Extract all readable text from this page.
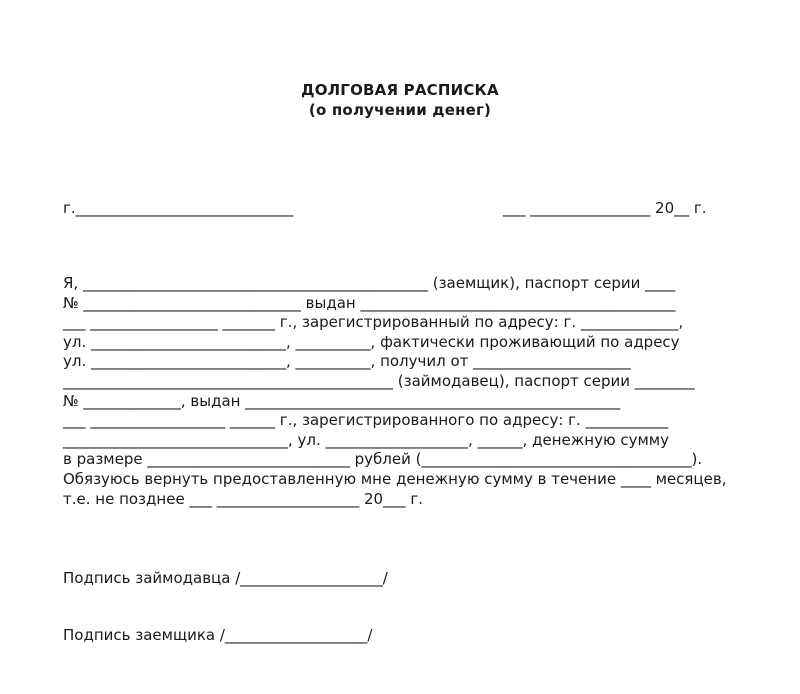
ДОЛГОВАЯ РАСПИСКА
(о получении денег)
г._____________________________	___ ________________ 20__ г.
Я, ______________________________________________ (заемщик), паспорт серии ____
№ _____________________________ выдан __________________________________________
___ _________________ _______ г., зарегистрированный по адресу: г. _____________,
ул. __________________________, __________, фактически проживающий по адресу
ул. __________________________, __________, получил от _____________________
____________________________________________ (займодавец), паспорт серии ________
№ _____________, выдан __________________________________________________
___ __________________ ______ г., зарегистрированного по адресу: г. ___________
______________________________, ул. ___________________, ______, денежную сумму
в размере ___________________________ рублей (____________________________________).
Обязуюсь вернуть предоставленную мне денежную сумму в течение ____ месяцев,
т.е. не позднее ___ ___________________ 20___ г.
Подпись займодавца /___________________/
Подпись заемщика /___________________/
